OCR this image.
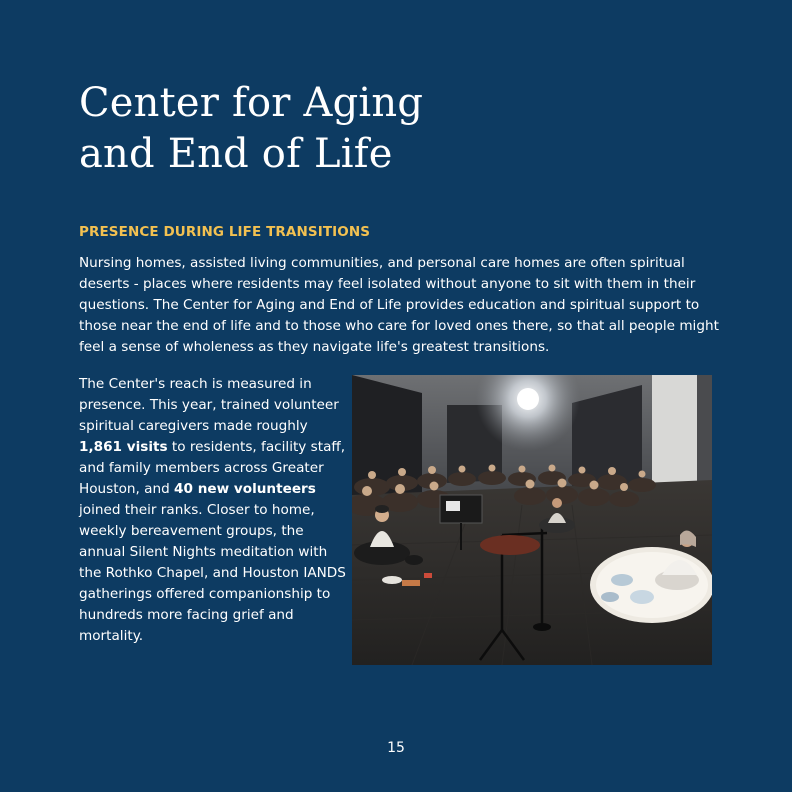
Center for Aging
and End of Life
PRESENCE DURING LIFE TRANSITIONS

Nursing homes, assisted living communities, and personal care homes are often spiritual deserts - places where residents may feel isolated without anyone to sit with them in their questions. The Center for Aging and End of Life provides education and spiritual support to those near the end of life and to those who care for loved ones there, so that all people might feel a sense of wholeness as they navigate life's greatest transitions.

The Center's reach is measured in presence. This year, trained volunteer spiritual caregivers made roughly 1,861 visits to residents, facility staff, and family members across Greater Houston, and 40 new volunteers joined their ranks. Closer to home, weekly bereavement groups, the annual Silent Nights meditation with the Rothko Chapel, and Houston IANDS gatherings offered companionship to hundreds more facing grief and mortality.

15
